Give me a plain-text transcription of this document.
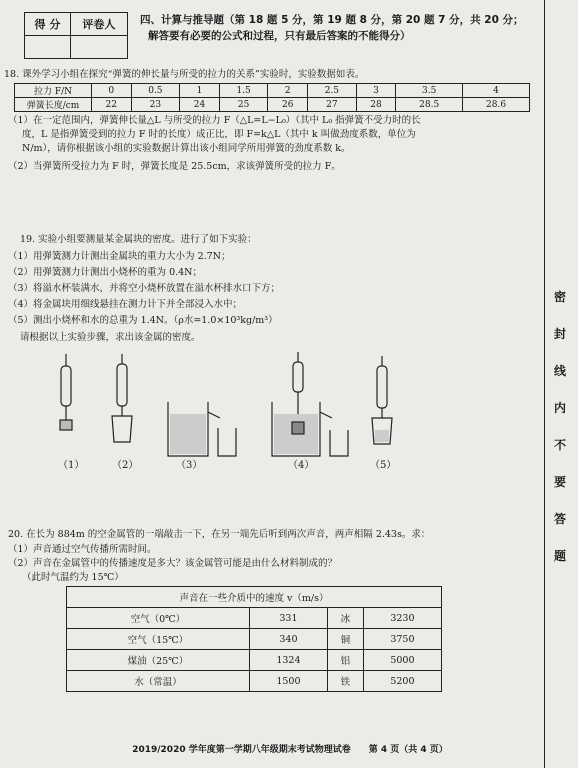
得 分	评卷人
	四、计算与推导题（第 18 题 5 分，第 19 题 8 分，第 20 题 7 分，共 20 分；
解答要有必要的公式和过程，只有最后答案的不能得分）
18. 课外学习小组在探究“弹簧的伸长量与所受的拉力的关系”实验时，实验数据如表。
拉力 F/N	0	0.5	1	1.5	2	2.5	3	3.5	4
弹簧长度/cm	22	23	24	25	26	27	28	28.5	28.6
（1）在一定范围内，弹簧伸长量△L 与所受的拉力 F（△L=L−L₀）（其中 L₀ 指弹簧不受力时的长
度，L 是指弹簧受到的拉力 F 时的长度）成正比，即 F=k△L（其中 k 叫做劲度系数，单位为
N/m），请你根据该小组的实验数据计算出该小组同学所用弹簧的劲度系数 k。
（2）当弹簧所受拉力为 F 时，弹簧长度是 25.5cm，求该弹簧所受的拉力 F。
19. 实验小组要测量某金属块的密度。进行了如下实验：
（1）用弹簧测力计测出金属块的重力大小为 2.7N；
（2）用弹簧测力计测出小烧杯的重为 0.4N；
（3）将溢水杯装满水，并将空小烧杯放置在溢水杯排水口下方；
（4）将金属块用细线悬挂在测力计下并全部浸入水中；
（5）测出小烧杯和水的总重为 1.4N。（ρ水=1.0×10³kg/m³）
请根据以上实验步骤，求出该金属的密度。
（1）	（2）	（3）	（4）	（5）
20. 在长为 884m 的空金属管的一端敲击一下，在另一端先后听到两次声音，两声相隔 2.43s。求：
（1）声音通过空气传播所需时间。
（2）声音在金属管中的传播速度是多大？该金属管可能是由什么材料制成的？
（此时气温约为 15℃）
声音在一些介质中的速度 v（m/s）			
空气（0℃）	331	冰	3230
空气（15℃）	340	铜	3750
煤油（25℃）	1324	铝	5000
水（常温）	1500	铁	5200
2019/2020 学年度第一学期八年级期末考试物理试卷　　第 4 页（共 4 页）
密
封
线
内
不
要
答
题
